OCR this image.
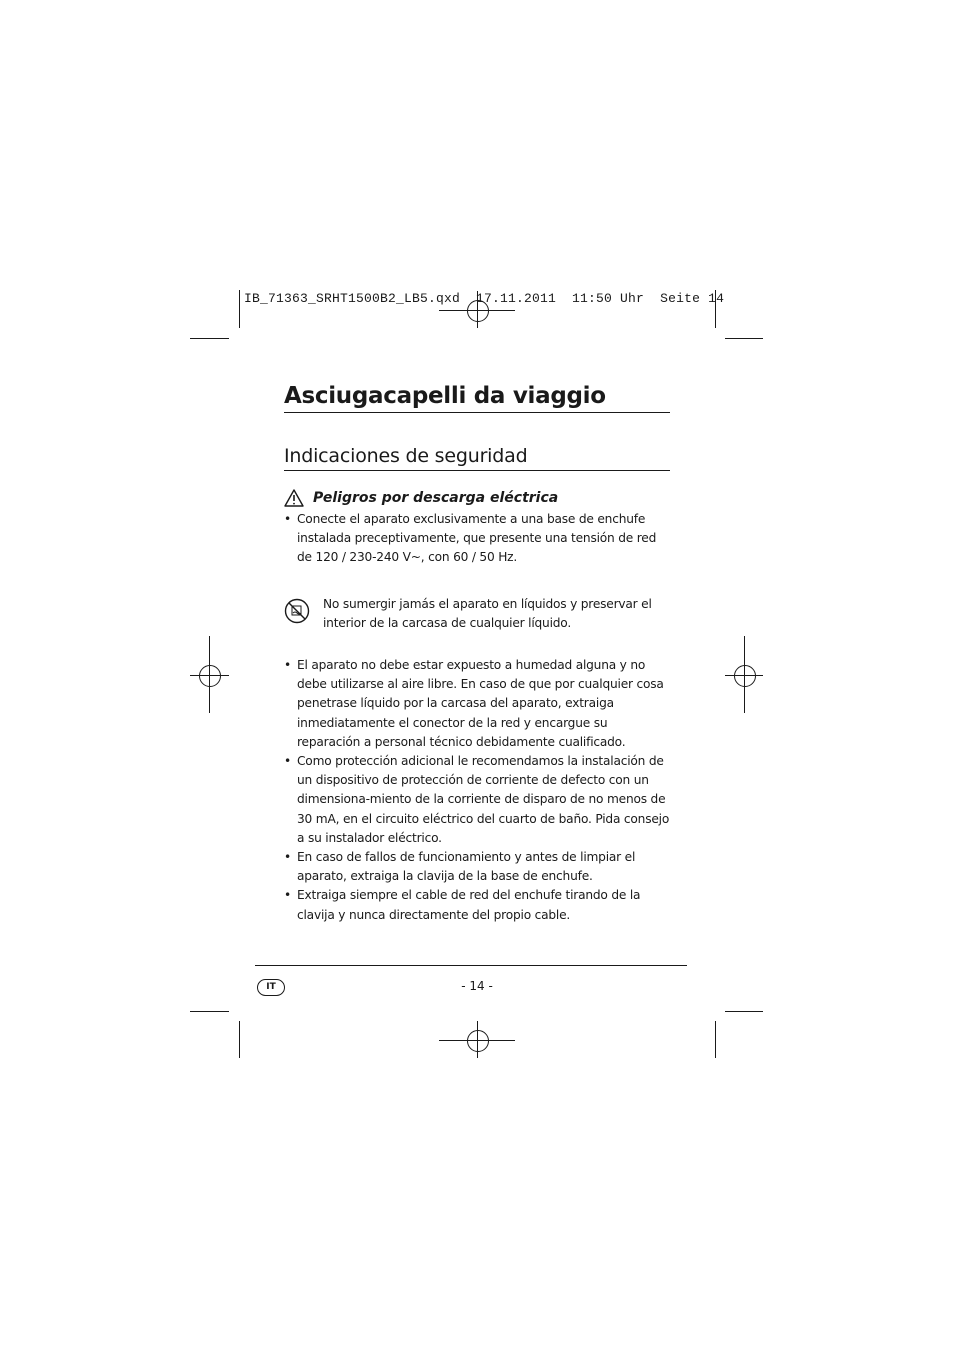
IB_71363_SRHT1500B2_LB5.qxd  17.11.2011  11:50 Uhr  Seite 14
Asciugacapelli da viaggio
Indicaciones de seguridad
Peligros por descarga eléctrica
• Conecte el aparato exclusivamente a una base de enchufe instalada preceptivamente, que presente una tensión de red de 120 / 230-240 V~, con 60 / 50 Hz.
No sumergir jamás el aparato en líquidos y preservar el interior de la carcasa de cualquier líquido.
• El aparato no debe estar expuesto a humedad alguna y no debe utilizarse al aire libre. En caso de que por cualquier cosa penetrase líquido por la carcasa del aparato, extraiga inmediatamente el conector de la red y encargue su reparación a personal técnico debidamente cualificado.
• Como protección adicional le recomendamos la instalación de un dispositivo de protección de corriente de defecto con un dimensiona-miento de la corriente de disparo de no menos de 30 mA, en el circuito eléctrico del cuarto de baño. Pida consejo a su instalador eléctrico.
• En caso de fallos de funcionamiento y antes de limpiar el aparato, extraiga la clavija de la base de enchufe.
• Extraiga siempre el cable de red del enchufe tirando de la clavija y nunca directamente del propio cable.
IT	- 14 -
